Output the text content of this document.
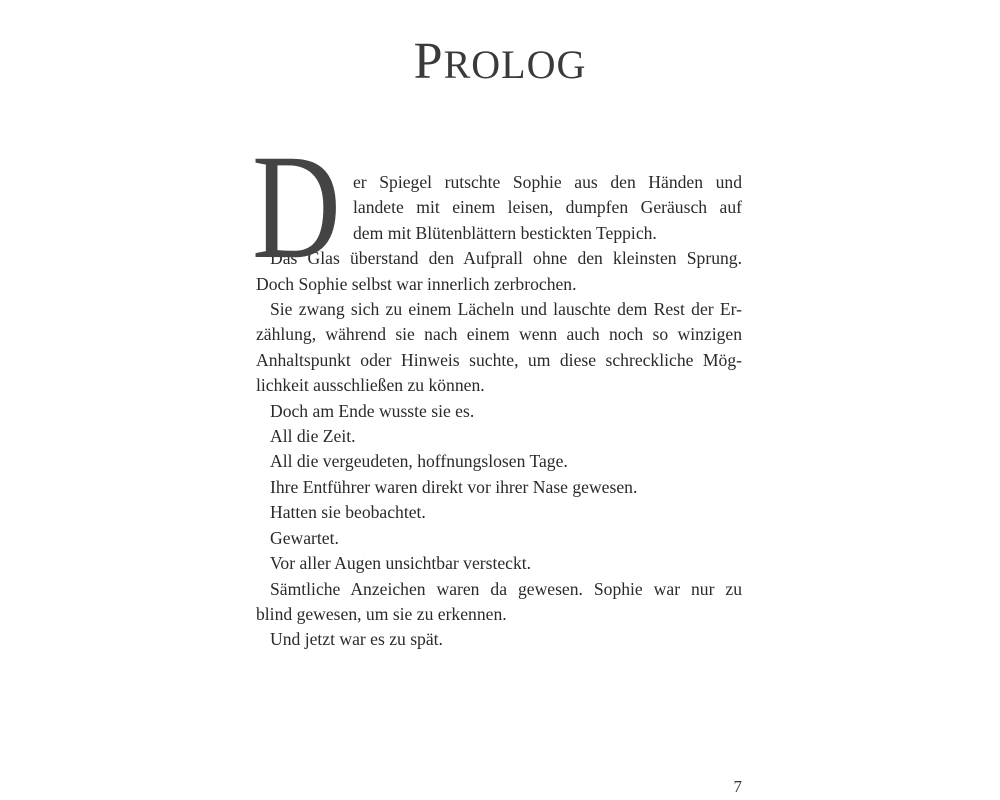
PROLOG
D er Spiegel rutschte Sophie aus den Händen und
landete mit einem leisen, dumpfen Geräusch auf
dem mit Blütenblättern bestickten Teppich.
Das Glas überstand den Aufprall ohne den kleinsten Sprung.
Doch Sophie selbst war innerlich zerbrochen.
Sie zwang sich zu einem Lächeln und lauschte dem Rest der Er-
zählung, während sie nach einem wenn auch noch so winzigen
Anhaltspunkt oder Hinweis suchte, um diese schreckliche Mög-
lichkeit ausschließen zu können.
Doch am Ende wusste sie es.
All die Zeit.
All die vergeudeten, hoffnungslosen Tage.
Ihre Entführer waren direkt vor ihrer Nase gewesen.
Hatten sie beobachtet.
Gewartet.
Vor aller Augen unsichtbar versteckt.
Sämtliche Anzeichen waren da gewesen. Sophie war nur zu
blind gewesen, um sie zu erkennen.
Und jetzt war es zu spät.
7
